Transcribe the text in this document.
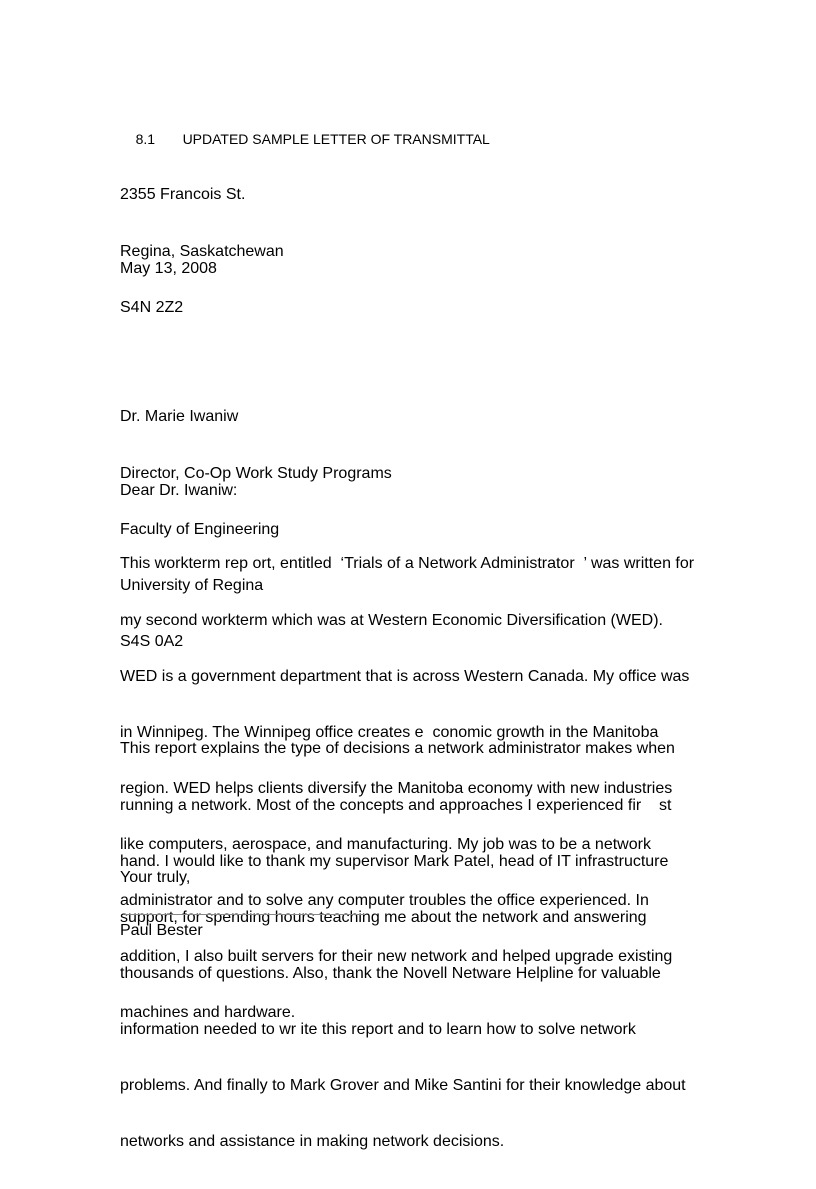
8.1 UPDATED SAMPLE LETTER OF TRANSMITTAL

2355 Francois St.

Regina, Saskatchewan

S4N 2Z2

May 13, 2008

Dr. Marie Iwaniw

Director, Co-Op Work Study Programs

Faculty of Engineering

University of Regina

S4S 0A2

Dear Dr. Iwaniw:

This workterm rep ort, entitled  ‘Trials of a Network Administrator  ’ was written for

my second workterm which was at Western Economic Diversification (WED).

WED is a government department that is across Western Canada. My office was

in Winnipeg. The Winnipeg office creates e  conomic growth in the Manitoba

region. WED helps clients diversify the Manitoba economy with new industries

like computers, aerospace, and manufacturing. My job was to be a network

administrator and to solve any computer troubles the office experienced. In

addition, I also built servers for their new network and helped upgrade existing

machines and hardware.

This report explains the type of decisions a network administrator makes when

running a network. Most of the concepts and approaches I experienced fir    st

hand. I would like to thank my supervisor Mark Patel, head of IT infrastructure

support, for spending hours teaching me about the network and answering

thousands of questions. Also, thank the Novell Netware Helpline for valuable

information needed to wr ite this report and to learn how to solve network

problems. And finally to Mark Grover and Mike Santini for their knowledge about

networks and assistance in making network decisions.

Your truly,
Paul Bester
